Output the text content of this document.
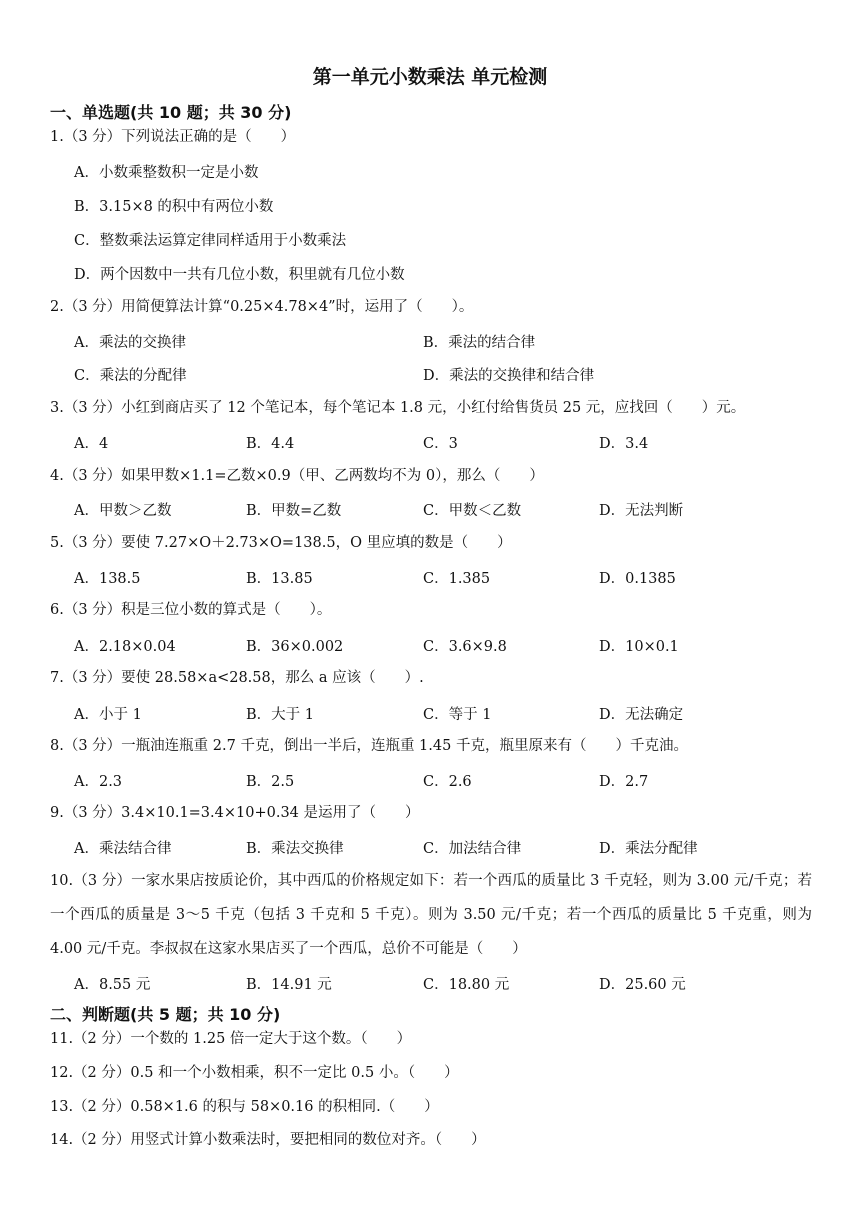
第一单元小数乘法 单元检测
一、单选题(共 10 题；共 30 分)
1.（3 分）下列说法正确的是（　　）
A．小数乘整数积一定是小数
B．3.15×8 的积中有两位小数
C．整数乘法运算定律同样适用于小数乘法
D．两个因数中一共有几位小数，积里就有几位小数
2.（3 分）用简便算法计算“0.25×4.78×4”时，运用了（　　）。
A．乘法的交换律	B．乘法的结合律
C．乘法的分配律	D．乘法的交换律和结合律
3.（3 分）小红到商店买了 12 个笔记本，每个笔记本 1.8 元，小红付给售货员 25 元，应找回（　　）元。
A．4	B．4.4	C．3	D．3.4
4.（3 分）如果甲数×1.1=乙数×0.9（甲、乙两数均不为 0），那么（　　）
A．甲数＞乙数	B．甲数=乙数	C．甲数＜乙数	D．无法判断
5.（3 分）要使 7.27×O＋2.73×O=138.5，O 里应填的数是（　　）
A．138.5	B．13.85	C．1.385	D．0.1385
6.（3 分）积是三位小数的算式是（　　）。
A．2.18×0.04	B．36×0.002	C．3.6×9.8	D．10×0.1
7.（3 分）要使 28.58×a<28.58，那么 a 应该（　　）.
A．小于 1	B．大于 1	C．等于 1	D．无法确定
8.（3 分）一瓶油连瓶重 2.7 千克，倒出一半后，连瓶重 1.45 千克，瓶里原来有（　　）千克油。
A．2.3	B．2.5	C．2.6	D．2.7
9.（3 分）3.4×10.1=3.4×10+0.34 是运用了（　　）
A．乘法结合律	B．乘法交换律	C．加法结合律	D．乘法分配律
10.（3 分）一家水果店按质论价，其中西瓜的价格规定如下：若一个西瓜的质量比 3 千克轻，则为 3.00 元/千克；若一个西瓜的质量是 3～5 千克（包括 3 千克和 5 千克）。则为 3.50 元/千克；若一个西瓜的质量比 5 千克重，则为 4.00 元/千克。李叔叔在这家水果店买了一个西瓜，总价不可能是（　　）
A．8.55 元	B．14.91 元	C．18.80 元	D．25.60 元
二、判断题(共 5 题；共 10 分)
11.（2 分）一个数的 1.25 倍一定大于这个数。（　　）
12.（2 分）0.5 和一个小数相乘，积不一定比 0.5 小。（　　）
13.（2 分）0.58×1.6 的积与 58×0.16 的积相同.（　　）
14.（2 分）用竖式计算小数乘法时，要把相同的数位对齐。（　　）
